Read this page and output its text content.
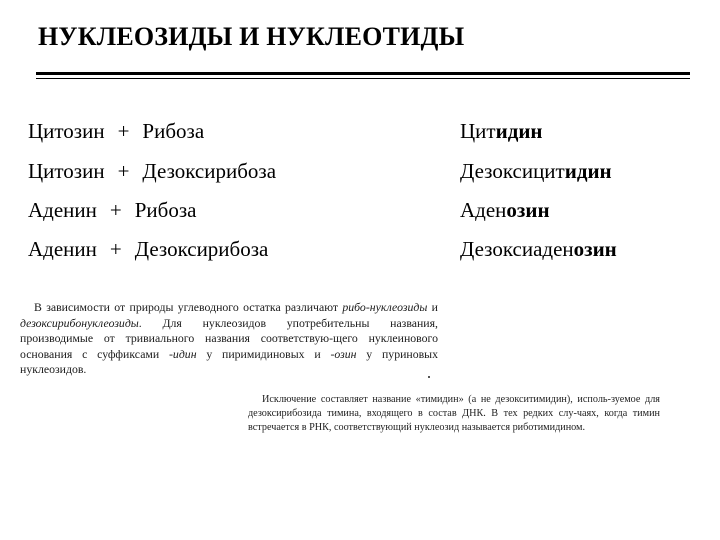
НУКЛЕОЗИДЫ И НУКЛЕОТИДЫ
Цитозин + Рибоза	Цитидин
Цитозин + Дезоксирибоза	Дезоксицитидин
Аденин + Рибоза	Аденозин
Аденин + Дезоксирибоза	Дезоксиаденозин
В зависимости от природы углеводного остатка различают рибо-нуклеозиды и дезоксирибонуклеозиды. Для нуклеозидов употребительны названия, производимые от тривиального названия соответствую-щего нуклеинового основания с суффиксами -идин у пиримидиновых и -озин у пуриновых нуклеозидов.
Исключение составляет название «тимидин» (а не дезокситимидин), исполь-зуемое для дезоксирибозида тимина, входящего в состав ДНК. В тех редких слу-чаях, когда тимин встречается в РНК, соответствующий нуклеозид называется риботимидином.
